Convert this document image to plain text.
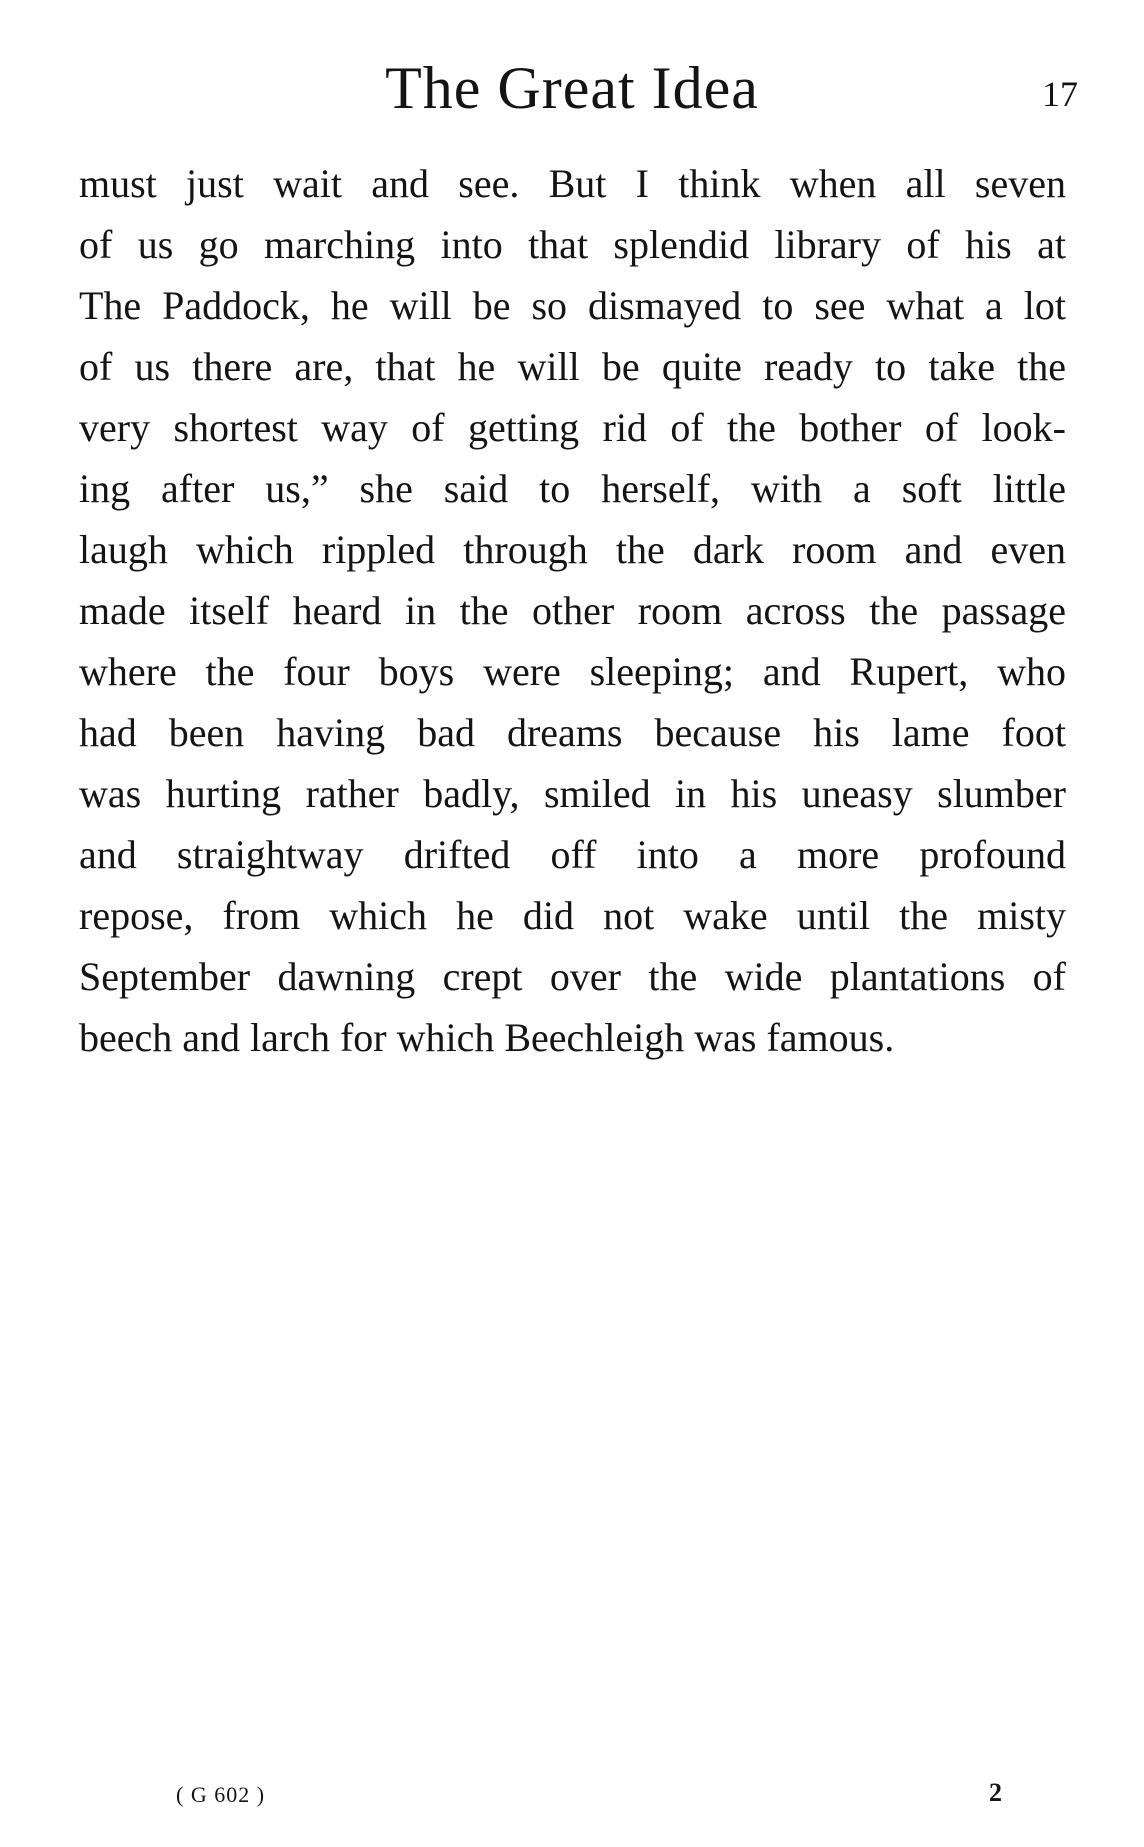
The Great Idea	17
must just wait and see. But I think when all seven
of us go marching into that splendid library of his at
The Paddock, he will be so dismayed to see what a lot
of us there are, that he will be quite ready to take the
very shortest way of getting rid of the bother of look-
ing after us,” she said to herself, with a soft little
laugh which rippled through the dark room and even
made itself heard in the other room across the passage
where the four boys were sleeping; and Rupert, who
had been having bad dreams because his lame foot
was hurting rather badly, smiled in his uneasy slumber
and straightway drifted off into a more profound
repose, from which he did not wake until the misty
September dawning crept over the wide plantations of
beech and larch for which Beechleigh was famous.
( G 602 )	2
